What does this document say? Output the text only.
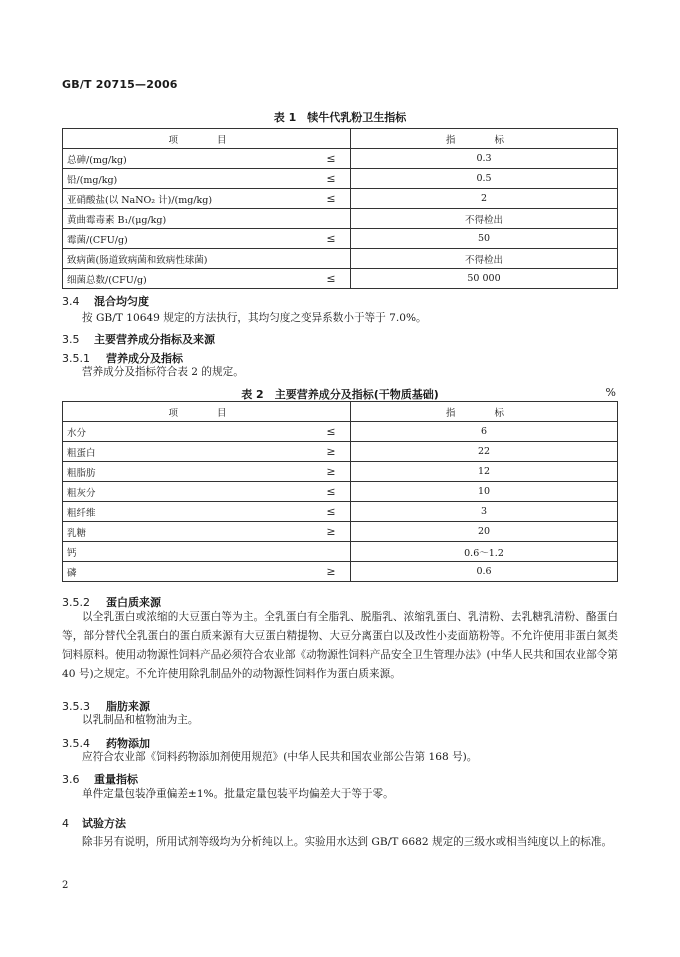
GB/T 20715—2006
表 1　犊牛代乳粉卫生指标
项 目		指 标
总砷/(mg/kg)	≤	0.3
铅/(mg/kg)	≤	0.5
亚硝酸盐(以 NaNO₂ 计)/(mg/kg)	≤	2
黄曲霉毒素 B₁/(μg/kg)		不得检出
霉菌/(CFU/g)	≤	50
致病菌(肠道致病菌和致病性球菌)		不得检出
细菌总数/(CFU/g)	≤	50 000
3.4 混合均匀度
按 GB/T 10649 规定的方法执行，其均匀度之变异系数小于等于 7.0%。
3.5 主要营养成分指标及来源
3.5.1 营养成分及指标
营养成分及指标符合表 2 的规定。
表 2　主要营养成分及指标(干物质基础)	%
项 目		指 标
水分	≤	6
粗蛋白	≥	22
粗脂肪	≥	12
粗灰分	≤	10
粗纤维	≤	3
乳糖	≥	20
钙		0.6～1.2
磷	≥	0.6
3.5.2 蛋白质来源
以全乳蛋白或浓缩的大豆蛋白等为主。全乳蛋白有全脂乳、脱脂乳、浓缩乳蛋白、乳清粉、去乳糖乳清粉、酪蛋白等，部分替代全乳蛋白的蛋白质来源有大豆蛋白精提物、大豆分离蛋白以及改性小麦面筋粉等。不允许使用非蛋白氮类饲料原料。使用动物源性饲料产品必须符合农业部《动物源性饲料产品安全卫生管理办法》(中华人民共和国农业部令第 40 号)之规定。不允许使用除乳制品外的动物源性饲料作为蛋白质来源。
3.5.3 脂肪来源
以乳制品和植物油为主。
3.5.4 药物添加
应符合农业部《饲料药物添加剂使用规范》(中华人民共和国农业部公告第 168 号)。
3.6 重量指标
单件定量包装净重偏差±1%。批量定量包装平均偏差大于等于零。
4 试验方法
除非另有说明，所用试剂等级均为分析纯以上。实验用水达到 GB/T 6682 规定的三级水或相当纯度以上的标准。
2
